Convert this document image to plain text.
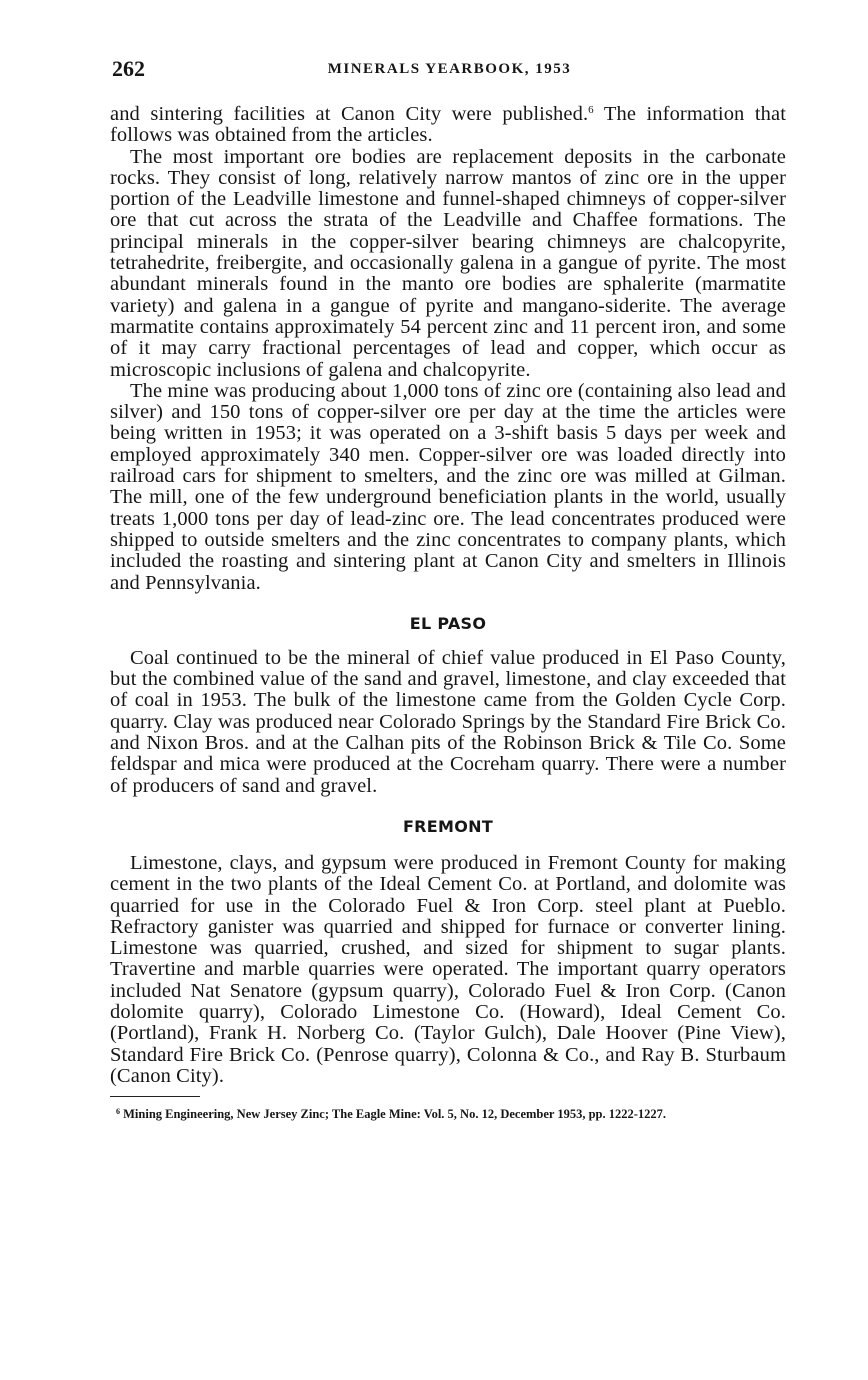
262	MINERALS YEARBOOK, 1953

and sintering facilities at Canon City were published.$^6$ The information that follows was obtained from the articles.

The most important ore bodies are replacement deposits in the carbonate rocks. They consist of long, relatively narrow mantos of zinc ore in the upper portion of the Leadville limestone and funnel-shaped chimneys of copper-silver ore that cut across the strata of the Leadville and Chaffee formations. The principal minerals in the copper-silver bearing chimneys are chalcopyrite, tetrahedrite, freibergite, and occasionally galena in a gangue of pyrite. The most abundant minerals found in the manto ore bodies are sphalerite (marmatite variety) and galena in a gangue of pyrite and mangano-siderite. The average marmatite contains approximately 54 percent zinc and 11 percent iron, and some of it may carry fractional percentages of lead and copper, which occur as microscopic inclusions of galena and chalcopyrite.

The mine was producing about 1,000 tons of zinc ore (containing also lead and silver) and 150 tons of copper-silver ore per day at the time the articles were being written in 1953; it was operated on a 3-shift basis 5 days per week and employed approximately 340 men. Copper-silver ore was loaded directly into railroad cars for shipment to smelters, and the zinc ore was milled at Gilman. The mill, one of the few underground beneficiation plants in the world, usually treats 1,000 tons per day of lead-zinc ore. The lead concentrates produced were shipped to outside smelters and the zinc concentrates to company plants, which included the roasting and sintering plant at Canon City and smelters in Illinois and Pennsylvania.

EL PASO

Coal continued to be the mineral of chief value produced in El Paso County, but the combined value of the sand and gravel, limestone, and clay exceeded that of coal in 1953. The bulk of the limestone came from the Golden Cycle Corp. quarry. Clay was produced near Colorado Springs by the Standard Fire Brick Co. and Nixon Bros. and at the Calhan pits of the Robinson Brick & Tile Co. Some feldspar and mica were produced at the Cocreham quarry. There were a number of producers of sand and gravel.

FREMONT

Limestone, clays, and gypsum were produced in Fremont County for making cement in the two plants of the Ideal Cement Co. at Portland, and dolomite was quarried for use in the Colorado Fuel & Iron Corp. steel plant at Pueblo. Refractory ganister was quarried and shipped for furnace or converter lining. Limestone was quarried, crushed, and sized for shipment to sugar plants. Travertine and marble quarries were operated. The important quarry operators included Nat Senatore (gypsum quarry), Colorado Fuel & Iron Corp. (Canon dolomite quarry), Colorado Limestone Co. (Howard), Ideal Cement Co. (Portland), Frank H. Norberg Co. (Taylor Gulch), Dale Hoover (Pine View), Standard Fire Brick Co. (Penrose quarry), Colonna & Co., and Ray B. Sturbaum (Canon City).

$^6$ Mining Engineering, New Jersey Zinc; The Eagle Mine: Vol. 5, No. 12, December 1953, pp. 1222-1227.
